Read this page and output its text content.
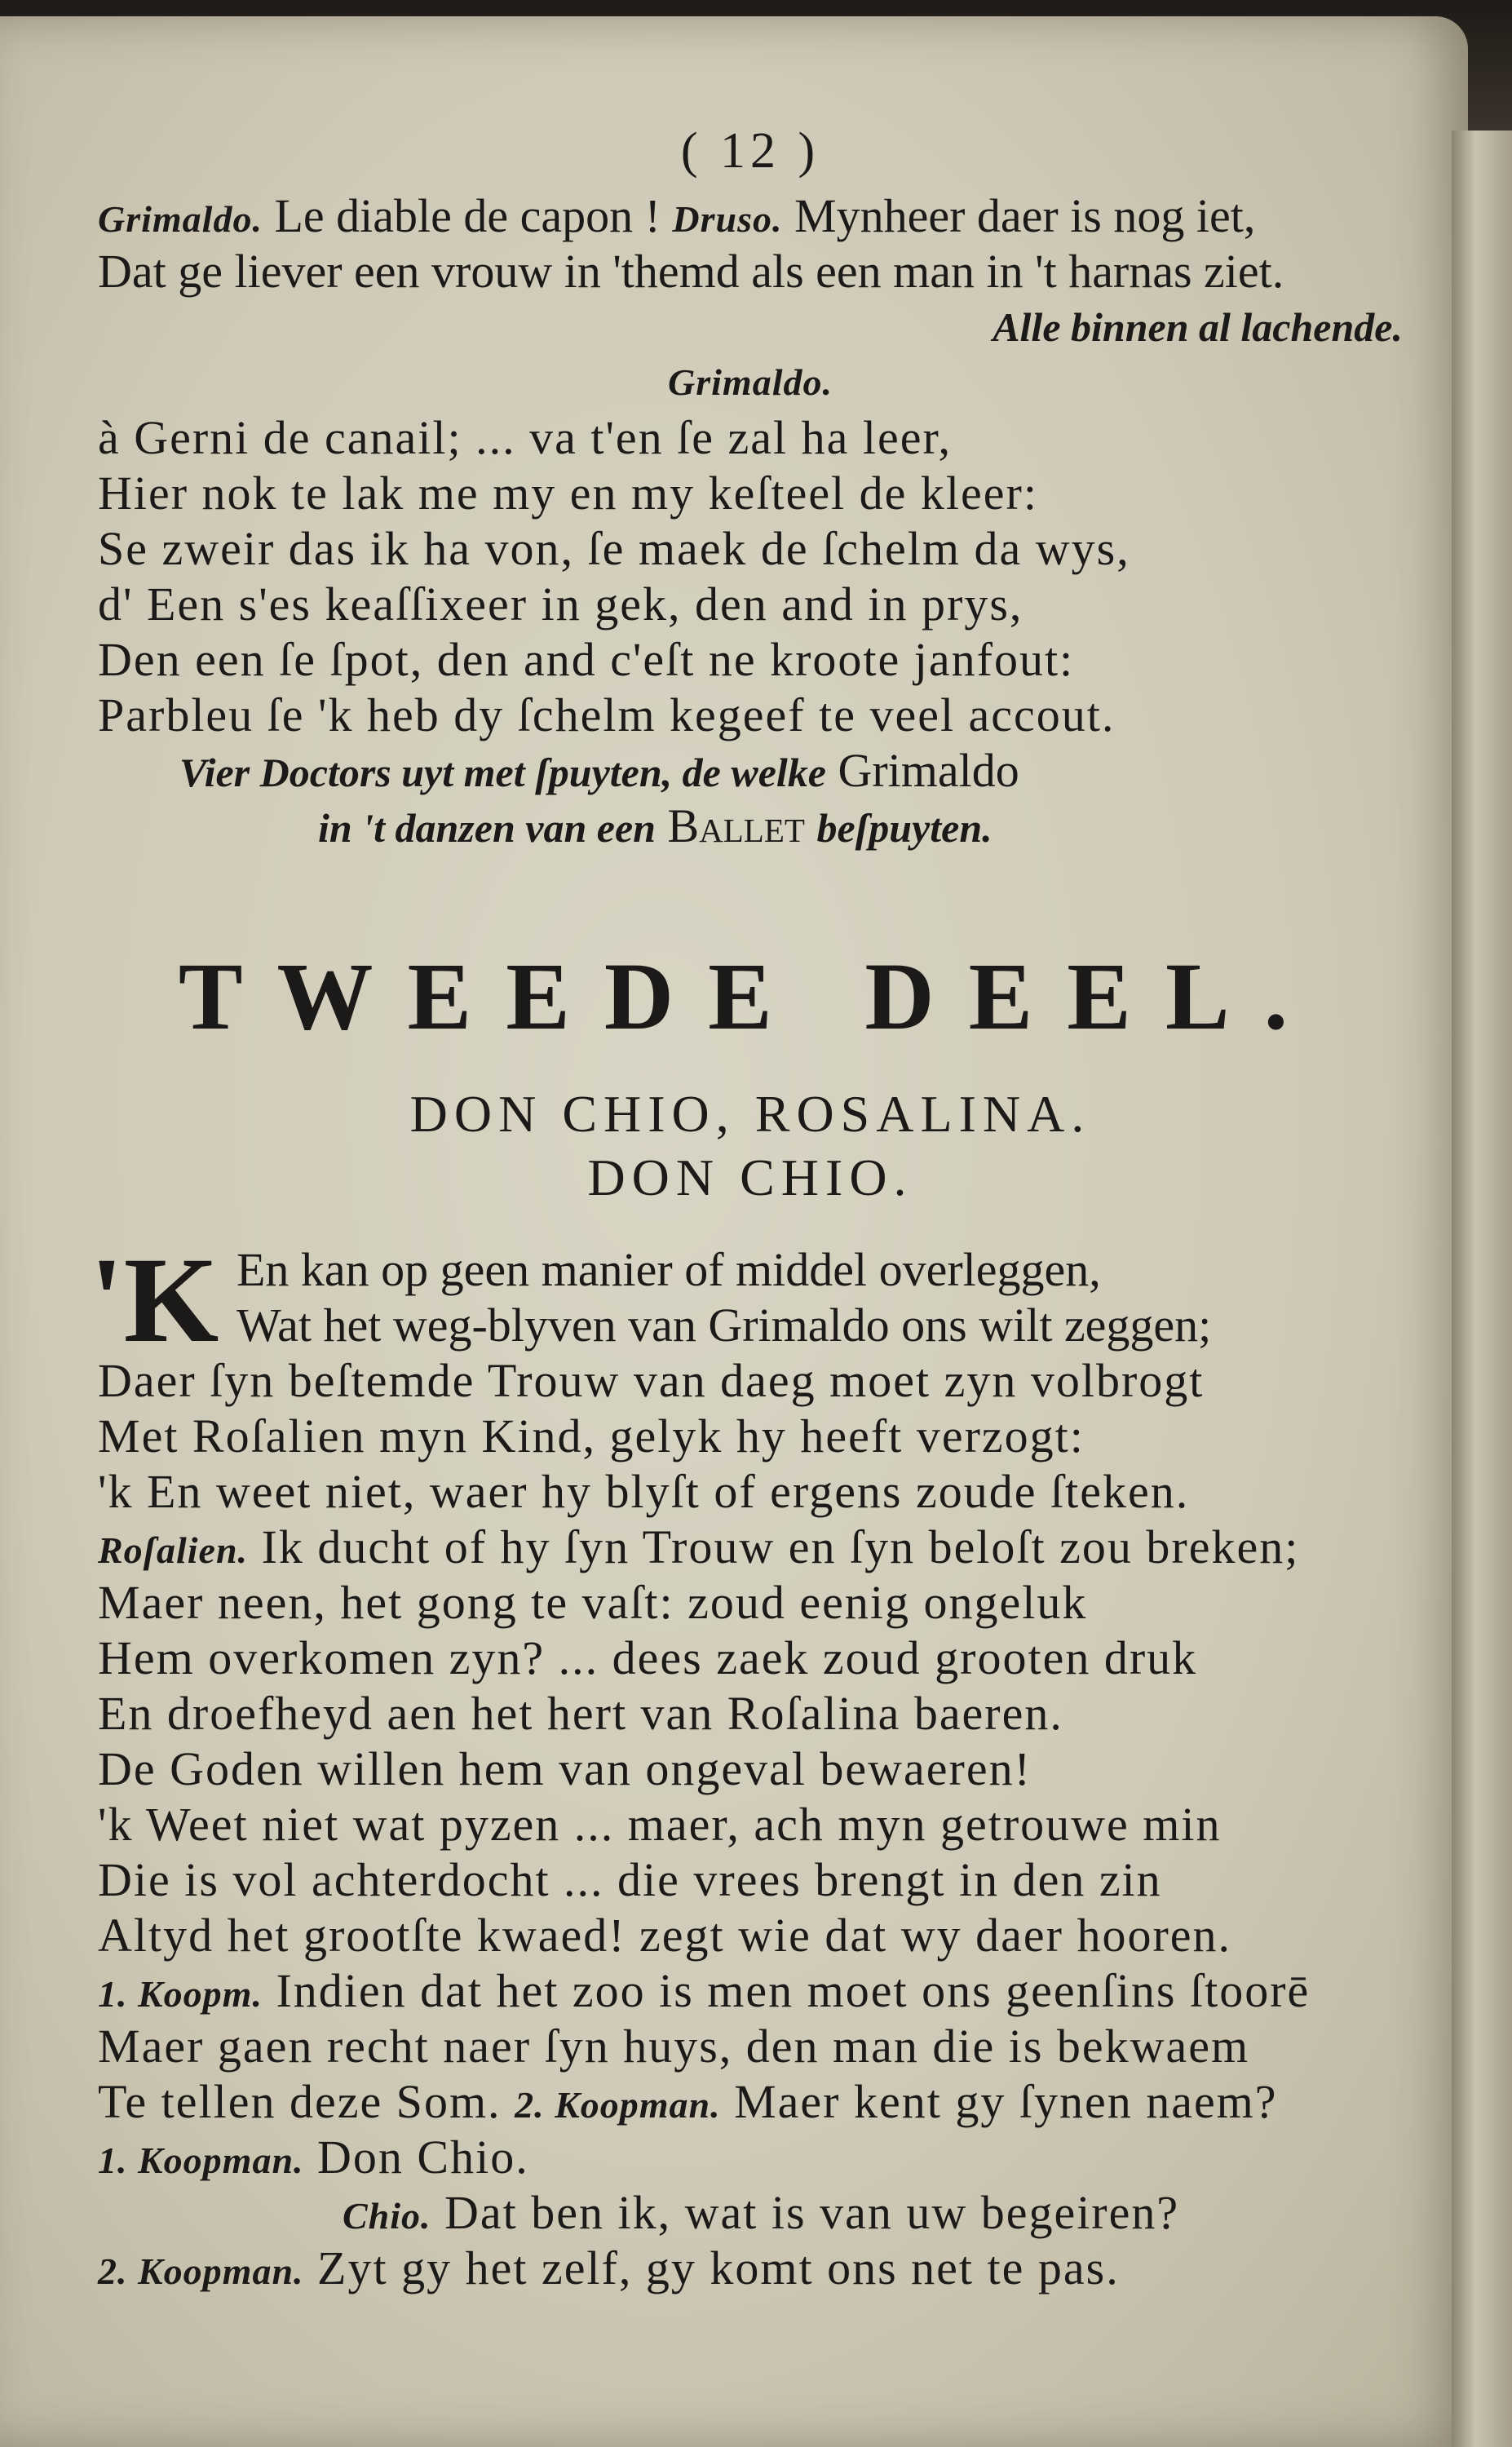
( 12 )

Grimaldo. Le diable de capon ! Druso. Mynheer daer is nog iet,

Dat ge liever een vrouw in 'themd als een man in 't harnas ziet.

Alle binnen al lachende.

Grimaldo.

à Gerni de canail; ... va t'en ſe zal ha leer,

Hier nok te lak me my en my keſteel de kleer:

Se zweir das ik ha von, ſe maek de ſchelm da wys,

d' Een s'es keaſſixeer in gek, den and in prys,

Den een ſe ſpot, den and c'eſt ne kroote janfout:

Parbleu ſe 'k heb dy ſchelm kegeef te veel accout.

Vier Doctors uyt met ſpuyten, de welke Grimaldo

in 't danzen van een Ballet beſpuyten.

TWEEDE DEEL.

DON CHIO, ROSALINA.

DON CHIO.

'K En kan op geen manier of middel overleggen,

Wat het weg-blyven van Grimaldo ons wilt zeggen;

Daer ſyn beſtemde Trouw van daeg moet zyn volbrogt

Met Roſalien myn Kind, gelyk hy heeft verzogt:

'k En weet niet, waer hy blyſt of ergens zoude ſteken.

Roſalien. Ik ducht of hy ſyn Trouw en ſyn beloſt zou breken;

Maer neen, het gong te vaſt: zoud eenig ongeluk

Hem overkomen zyn? ... dees zaek zoud grooten druk

En droefheyd aen het hert van Roſalina baeren.

De Goden willen hem van ongeval bewaeren!

'k Weet niet wat pyzen ... maer, ach myn getrouwe min

Die is vol achterdocht ... die vrees brengt in den zin

Altyd het grootſte kwaed! zegt wie dat wy daer hooren.

1. Koopm. Indien dat het zoo is men moet ons geenſins ſtoorē

Maer gaen recht naer ſyn huys, den man die is bekwaem

Te tellen deze Som. 2. Koopman. Maer kent gy ſynen naem?

1. Koopman. Don Chio.

Chio. Dat ben ik, wat is van uw begeiren?

2. Koopman. Zyt gy het zelf, gy komt ons net te pas.
